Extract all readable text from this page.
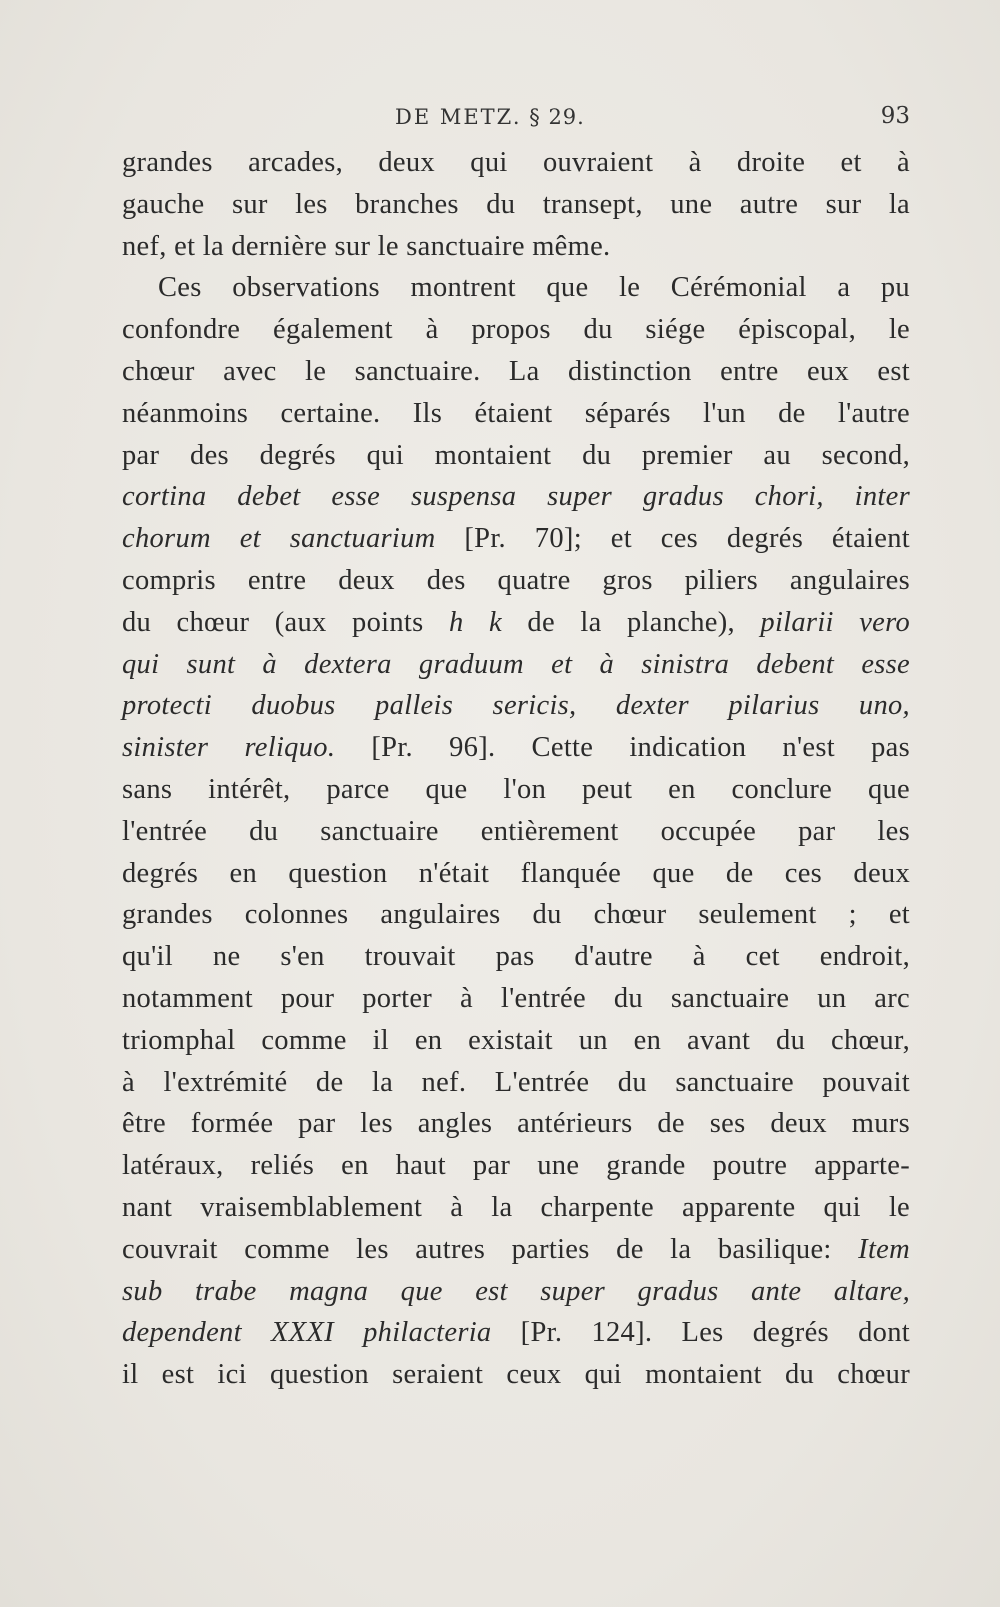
DE METZ. § 29.	93
grandes arcades, deux qui ouvraient à droite et à
gauche sur les branches du transept, une autre sur la
nef, et la dernière sur le sanctuaire même.
Ces observations montrent que le Cérémonial a pu
confondre également à propos du siége épiscopal, le
chœur avec le sanctuaire. La distinction entre eux est
néanmoins certaine. Ils étaient séparés l'un de l'autre
par des degrés qui montaient du premier au second,
cortina debet esse suspensa super gradus chori, inter
chorum et sanctuarium [Pr. 70]; et ces degrés étaient
compris entre deux des quatre gros piliers angulaires
du chœur (aux points h k de la planche), pilarii vero
qui sunt à dextera graduum et à sinistra debent esse
protecti duobus palleis sericis, dexter pilarius uno,
sinister reliquo. [Pr. 96]. Cette indication n'est pas
sans intérêt, parce que l'on peut en conclure que
l'entrée du sanctuaire entièrement occupée par les
degrés en question n'était flanquée que de ces deux
grandes colonnes angulaires du chœur seulement ; et
qu'il ne s'en trouvait pas d'autre à cet endroit,
notamment pour porter à l'entrée du sanctuaire un arc
triomphal comme il en existait un en avant du chœur,
à l'extrémité de la nef. L'entrée du sanctuaire pouvait
être formée par les angles antérieurs de ses deux murs
latéraux, reliés en haut par une grande poutre apparte-
nant vraisemblablement à la charpente apparente qui le
couvrait comme les autres parties de la basilique: Item
sub trabe magna que est super gradus ante altare,
dependent XXXI philacteria [Pr. 124]. Les degrés dont
il est ici question seraient ceux qui montaient du chœur
